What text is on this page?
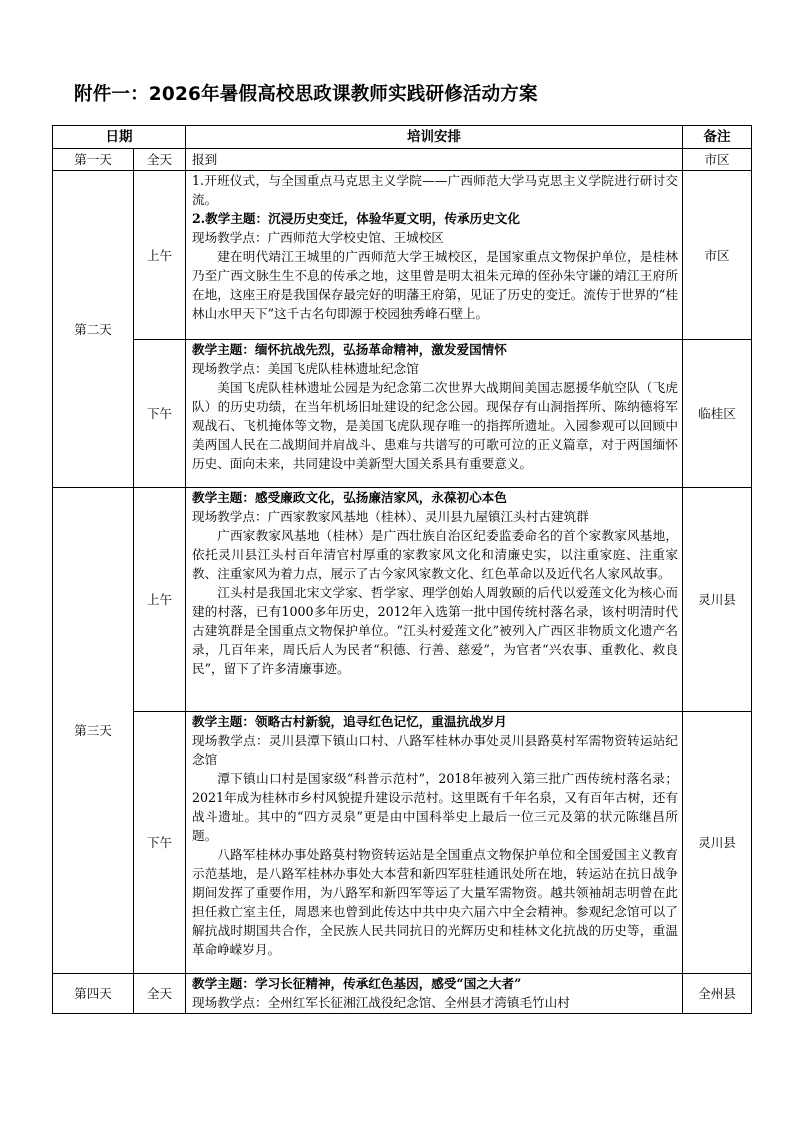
附件一：2026年暑假高校思政课教师实践研修活动方案
日期		培训安排	备注
第一天	全天	报到	市区
第二天	上午	1.开班仪式，与全国重点马克思主义学院——广西师范大学马克思主义学院进行研讨交流。

2.教学主题：沉浸历史变迁，体验华夏文明，传承历史文化

现场教学点：广西师范大学校史馆、王城校区

建在明代靖江王城里的广西师范大学王城校区，是国家重点文物保护单位，是桂林乃至广西文脉生生不息的传承之地，这里曾是明太祖朱元璋的侄孙朱守谦的靖江王府所在地，这座王府是我国保存最完好的明藩王府第，见证了历史的变迁。流传于世界的“桂林山水甲天下”这千古名句即源于校园独秀峰石壁上。	市区
	下午	教学主题：缅怀抗战先烈，弘扬革命精神，激发爱国情怀

现场教学点：美国飞虎队桂林遗址纪念馆

美国飞虎队桂林遗址公园是为纪念第二次世界大战期间美国志愿援华航空队（飞虎队）的历史功绩，在当年机场旧址建设的纪念公园。现保存有山洞指挥所、陈纳德将军观战石、飞机掩体等文物，是美国飞虎队现存唯一的指挥所遗址。入园参观可以回顾中美两国人民在二战期间并肩战斗、患难与共谱写的可歌可泣的正义篇章，对于两国缅怀历史、面向未来，共同建设中美新型大国关系具有重要意义。	临桂区
第三天	上午	教学主题：感受廉政文化，弘扬廉洁家风，永葆初心本色

现场教学点：广西家教家风基地（桂林）、灵川县九屋镇江头村古建筑群

广西家教家风基地（桂林）是广西壮族自治区纪委监委命名的首个家教家风基地，依托灵川县江头村百年清官村厚重的家教家风文化和清廉史实，以注重家庭、注重家教、注重家风为着力点，展示了古今家风家教文化、红色革命以及近代名人家风故事。

江头村是我国北宋文学家、哲学家、理学创始人周敦颐的后代以爱莲文化为核心而建的村落，已有1000多年历史，2012年入选第一批中国传统村落名录，该村明清时代古建筑群是全国重点文物保护单位。“江头村爱莲文化”被列入广西区非物质文化遗产名录，几百年来，周氏后人为民者“积德、行善、慈爱”，为官者“兴农事、重教化、救良民”，留下了许多清廉事迹。	灵川县
	下午	教学主题：领略古村新貌，追寻红色记忆，重温抗战岁月

现场教学点：灵川县潭下镇山口村、八路军桂林办事处灵川县路莫村军需物资转运站纪念馆

潭下镇山口村是国家级“科普示范村”，2018年被列入第三批广西传统村落名录；2021年成为桂林市乡村风貌提升建设示范村。这里既有千年名泉，又有百年古树，还有战斗遗址。其中的“四方灵泉”更是由中国科举史上最后一位三元及第的状元陈继昌所题。

八路军桂林办事处路莫村物资转运站是全国重点文物保护单位和全国爱国主义教育示范基地，是八路军桂林办事处大本营和新四军驻桂通讯处所在地，转运站在抗日战争期间发挥了重要作用，为八路军和新四军等运了大量军需物资。越共领袖胡志明曾在此担任救亡室主任，周恩来也曾到此传达中共中央六届六中全会精神。参观纪念馆可以了解抗战时期国共合作，全民族人民共同抗日的光辉历史和桂林文化抗战的历史等，重温革命峥嵘岁月。	灵川县
第四天	全天	教学主题：学习长征精神，传承红色基因，感受“国之大者”

现场教学点：全州红军长征湘江战役纪念馆、全州县才湾镇毛竹山村	全州县
